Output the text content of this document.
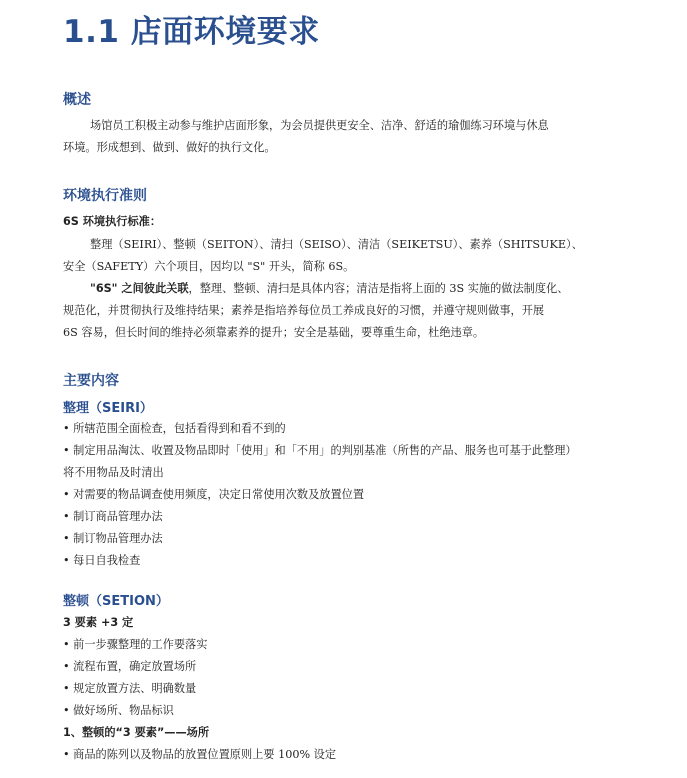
1.1 店面环境要求
概述
场馆员工积极主动参与维护店面形象，为会员提供更安全、洁净、舒适的瑜伽练习环境与休息
环境。形成想到、做到、做好的执行文化。
环境执行准则
6S 环境执行标准：
整理（SEIRI）、整顿（SEITON）、清扫（SEISO）、清洁（SEIKETSU）、素养（SHITSUKE）、
安全（SAFETY）六个项目，因均以 "S" 开头，简称 6S。
"6S" 之间彼此关联，整理、整顿、清扫是具体内容；清洁是指将上面的 3S 实施的做法制度化、
规范化，并贯彻执行及维持结果；素养是指培养每位员工养成良好的习惯，并遵守规则做事，开展
6S 容易，但长时间的维持必须靠素养的提升；安全是基础，要尊重生命，杜绝违章。
主要内容
整理（SEIRI）
• 所辖范围全面检查，包括看得到和看不到的
• 制定用品淘汰、收置及物品即时「使用」和「不用」的判别基准（所售的产品、服务也可基于此整理）
将不用物品及时清出
• 对需要的物品调查使用频度，决定日常使用次数及放置位置
• 制订商品管理办法
• 制订物品管理办法
• 每日自我检查
整顿（SETION）
3 要素 +3 定
• 前一步骤整理的工作要落实
• 流程布置，确定放置场所
• 规定放置方法、明确数量
• 做好场所、物品标识
1、整顿的“3 要素”——场所
• 商品的陈列以及物品的放置位置原则上要 100% 设定
